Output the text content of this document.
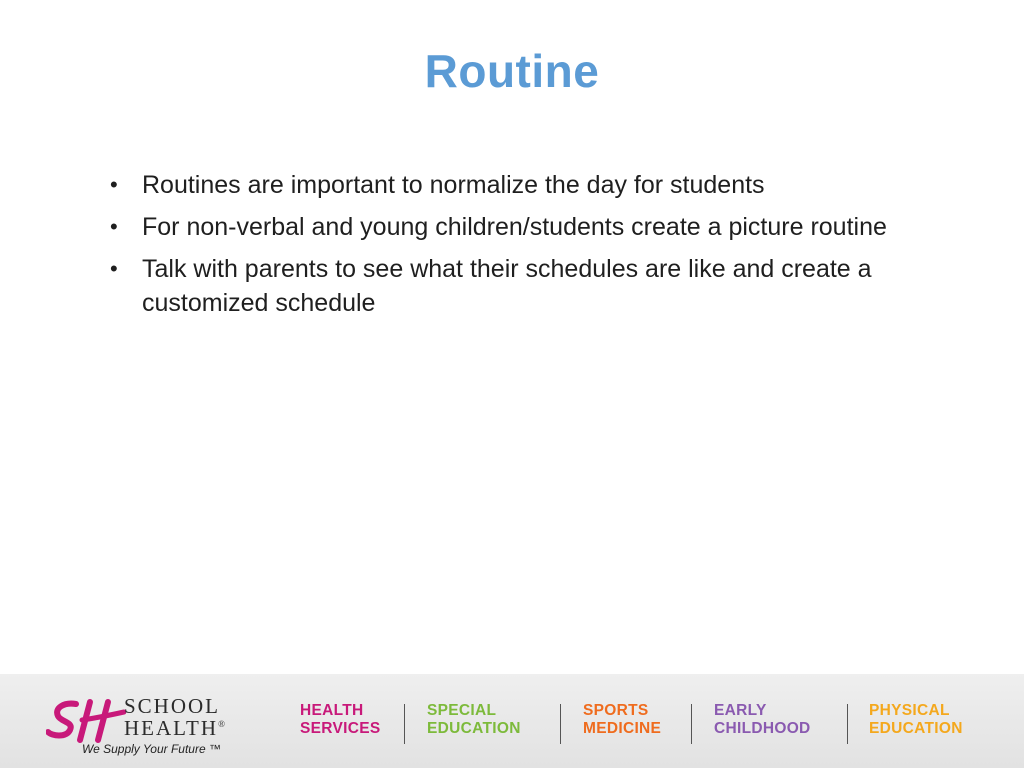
Routine
• Routines are important to normalize the day for students
• For non-verbal and young children/students create a picture routine
• Talk with parents to see what their schedules are like and create a customized schedule
SCHOOL
HEALTH®
We Supply Your Future ™
HEALTH
SERVICES
SPECIAL
EDUCATION
SPORTS
MEDICINE
EARLY
CHILDHOOD
PHYSICAL
EDUCATION
